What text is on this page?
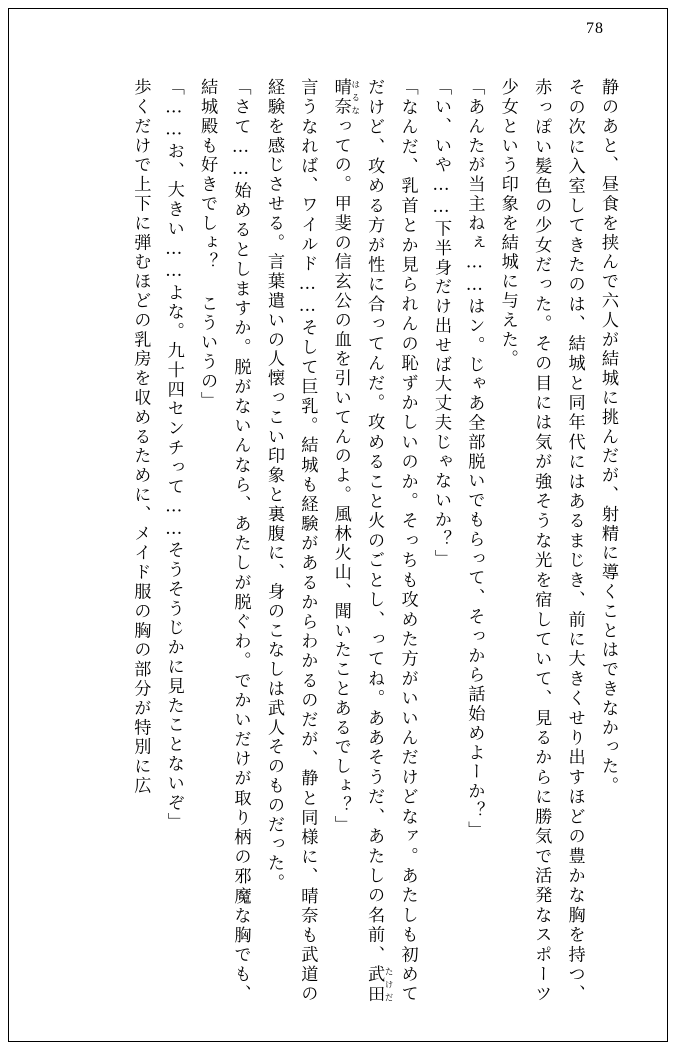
78

静のあと、昼食を挟んで六人が結城に挑んだが、射精に導くことはできなかった。

その次に入室してきたのは、結城と同年代にはあるまじき、前に大きくせり出すほどの豊かな胸を持つ、赤っぽい髪色の少女だった。その目には気が強そうな光を宿していて、見るからに勝気で活発なスポーツ少女という印象を結城に与えた。

「あんたが当主ねぇ……はン。じゃあ全部脱いでもらって、そっから話始めよーか？」

「い、いや……下半身だけ出せば大丈夫じゃないか？」

「なんだ、乳首とか見られんの恥ずかしいのか。そっちも攻めた方がいいんだけどなァ。あたしも初めてだけど、攻める方が性に合ってんだ。攻めること火のごとし、ってね。ああそうだ、あたしの名前、武田 たけだ晴奈 はるなっての。甲斐の信玄公の血を引いてんのよ。風林火山、聞いたことあるでしょ？」

言うなれば、ワイルド……そして巨乳。結城も経験があるからわかるのだが、静と同様に、晴奈も武道の経験を感じさせる。言葉遣いの人懐っこい印象と裏腹に、身のこなしは武人そのものだった。

「さて……始めるとしますか。脱がないんなら、あたしが脱ぐわ。でかいだけが取り柄の邪魔な胸でも、結城殿も好きでしょ？ こういうの」

「……お、大きい……よな。九十四センチって……そうそうじかに見たことないぞ」

歩くだけで上下に弾むほどの乳房を収めるために、メイド服の胸の部分が特別に広
